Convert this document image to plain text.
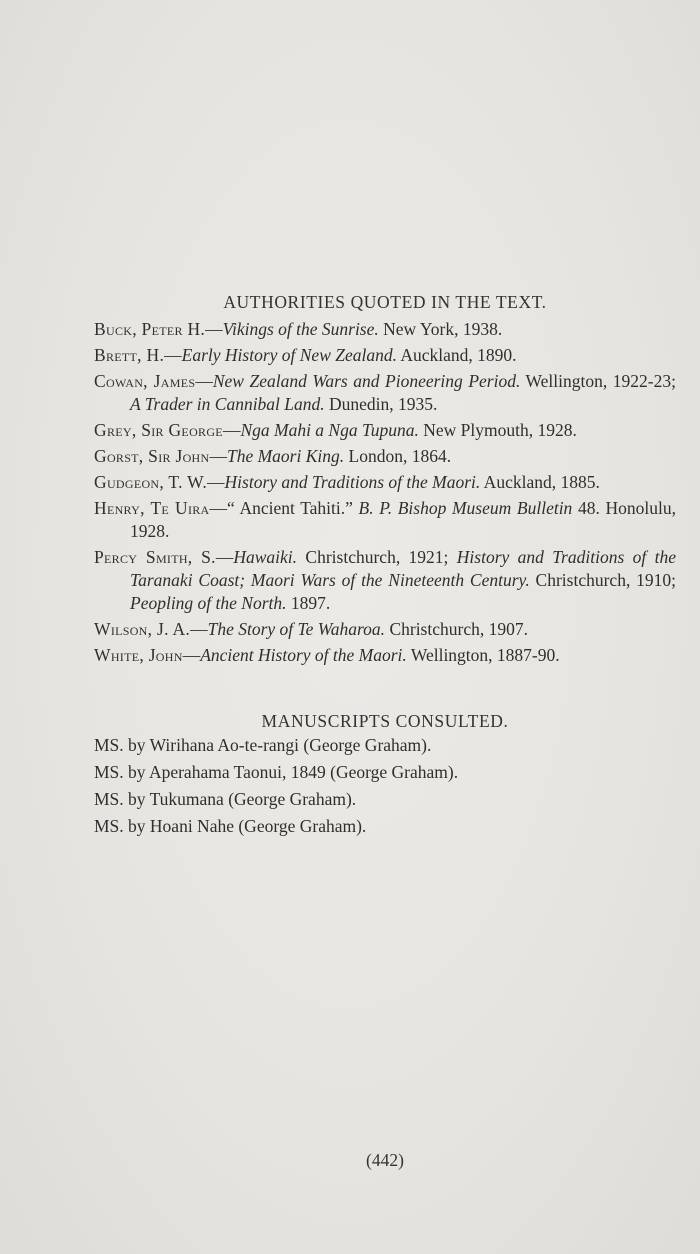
AUTHORITIES QUOTED IN THE TEXT.
Buck, Peter H.—Vikings of the Sunrise. New York, 1938.
Brett, H.—Early History of New Zealand. Auckland, 1890.
Cowan, James—New Zealand Wars and Pioneering Period. Wellington, 1922-23; A Trader in Cannibal Land. Dunedin, 1935.
Grey, Sir George—Nga Mahi a Nga Tupuna. New Plymouth, 1928.
Gorst, Sir John—The Maori King. London, 1864.
Gudgeon, T. W.—History and Traditions of the Maori. Auckland, 1885.
Henry, Te Uira—“ Ancient Tahiti.” B. P. Bishop Museum Bulletin 48. Honolulu, 1928.
Percy Smith, S.—Hawaiki. Christchurch, 1921; History and Traditions of the Taranaki Coast; Maori Wars of the Nineteenth Century. Christchurch, 1910; Peopling of the North. 1897.
Wilson, J. A.—The Story of Te Waharoa. Christchurch, 1907.
White, John—Ancient History of the Maori. Wellington, 1887-90.
MANUSCRIPTS CONSULTED.
MS. by Wirihana Ao-te-rangi (George Graham).
MS. by Aperahama Taonui, 1849 (George Graham).
MS. by Tukumana (George Graham).
MS. by Hoani Nahe (George Graham).
(442)
